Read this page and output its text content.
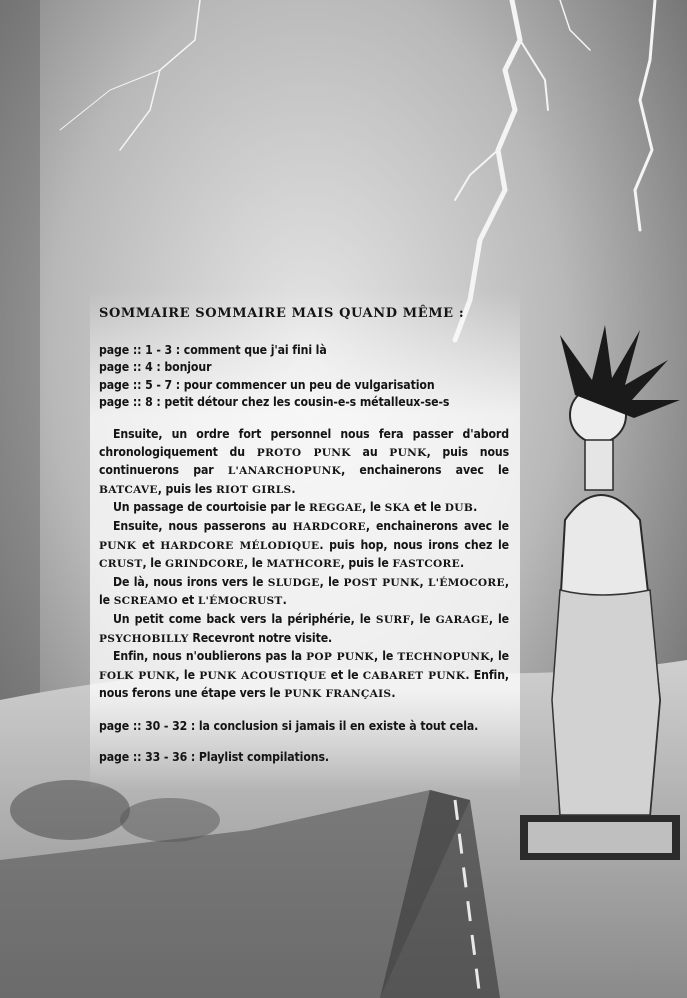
SOMMAIRE SOMMAIRE MAIS QUAND MÊME :
page :: 1 - 3 : comment que j'ai fini là
page :: 4 : bonjour
page :: 5 - 7 : pour commencer un peu de vulgarisation
page :: 8 : petit détour chez les cousin-e-s métalleux-se-s

Ensuite, un ordre fort personnel nous fera passer d'abord chronologiquement du PROTO PUNK au PUNK, puis nous continuerons par L'ANARCHOPUNK, enchainerons avec le BATCAVE, puis les RIOT GIRLS.

Un passage de courtoisie par le REGGAE, le SKA et le DUB.

Ensuite, nous passerons au HARDCORE, enchainerons avec le PUNK et HARDCORE MÉLODIQUE. puis hop, nous irons chez le CRUST, le GRINDCORE, le MATHCORE, puis le FASTCORE.

De là, nous irons vers le SLUDGE, le POST PUNK, L'ÉMOCORE, le SCREAMO et L'ÉMOCRUST.

Un petit come back vers la périphérie, le SURF, le GARAGE, le PSYCHOBILLY Recevront notre visite.

Enfin, nous n'oublierons pas la POP PUNK, le TECHNOPUNK, le FOLK PUNK, le PUNK ACOUSTIQUE et le CABARET PUNK. Enfin, nous ferons une étape vers le PUNK FRANÇAIS.

page :: 30 - 32 : la conclusion si jamais il en existe à tout cela.
page :: 33 - 36 : Playlist compilations.
